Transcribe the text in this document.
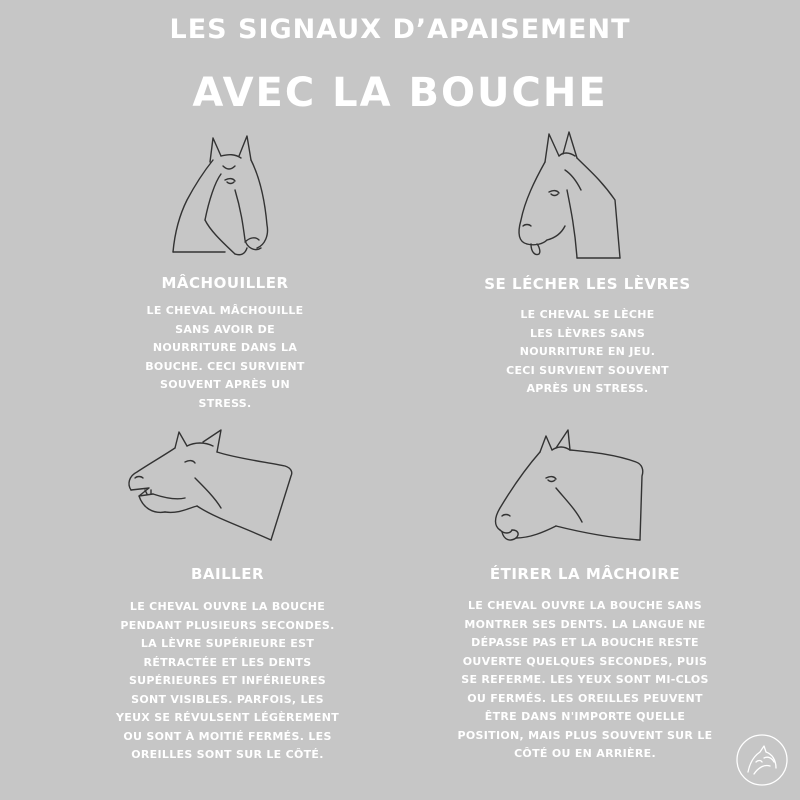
LES SIGNAUX D’APAISEMENT
AVEC LA BOUCHE
MÂCHOUILLER	SE LÉCHER LES LÈVRES
BAILLER	ÉTIRER LA MÂCHOIRE
LE CHEVAL MÂCHOUILLE
SANS AVOIR DE
NOURRITURE DANS LA
BOUCHE. CECI SURVIENT
SOUVENT APRÈS UN
STRESS.
LE CHEVAL SE LÈCHE
LES LÈVRES SANS
NOURRITURE EN JEU.
CECI SURVIENT SOUVENT
APRÈS UN STRESS.
LE CHEVAL OUVRE LA BOUCHE
PENDANT PLUSIEURS SECONDES.
LA LÈVRE SUPÉRIEURE EST
RÉTRACTÉE ET LES DENTS
SUPÉRIEURES ET INFÉRIEURES
SONT VISIBLES. PARFOIS, LES
YEUX SE RÉVULSENT LÉGÈREMENT
OU SONT À MOITIÉ FERMÉS. LES
OREILLES SONT SUR LE CÔTÉ.
LE CHEVAL OUVRE LA BOUCHE SANS
MONTRER SES DENTS. LA LANGUE NE
DÉPASSE PAS ET LA BOUCHE RESTE
OUVERTE QUELQUES SECONDES, PUIS
SE REFERME. LES YEUX SONT MI-CLOS
OU FERMÉS. LES OREILLES PEUVENT
ÊTRE DANS N'IMPORTE QUELLE
POSITION, MAIS PLUS SOUVENT SUR LE
CÔTÉ OU EN ARRIÈRE.
